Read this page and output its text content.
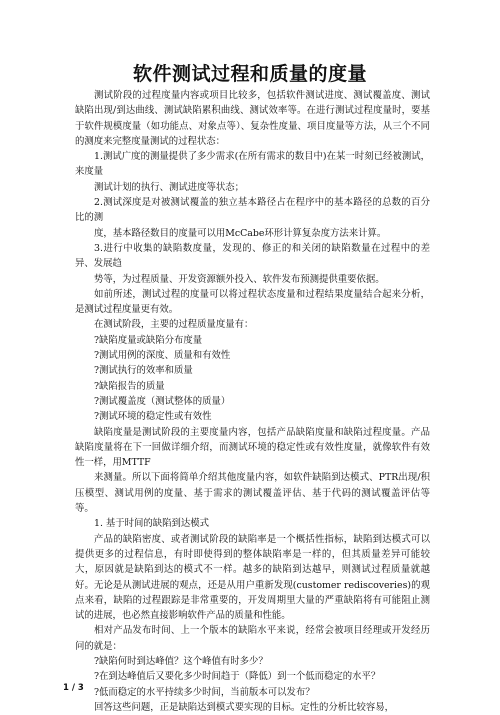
软件测试过程和质量的度量

测试阶段的过程度量内容或项目比较多，包括软件测试进度、测试覆盖度、测试缺陷出现/到达曲线、测试缺陷累积曲线、测试效率等。在进行测试过程度量时，要基于软件规模度量（如功能点、对象点等）、复杂性度量、项目度量等方法，从三个不同的测度来完整度量测试的过程状态：

1.测试广度的测量提供了多少需求(在所有需求的数目中)在某一时刻已经被测试，来度量

测试计划的执行、测试进度等状态；

2.测试深度是对被测试覆盖的独立基本路径占在程序中的基本路径的总数的百分比的测

度，基本路径数目的度量可以用McCabe环形计算复杂度方法来计算。

3.进行中收集的缺陷数度量，发现的、修正的和关闭的缺陷数量在过程中的差异、发展趋

势等，为过程质量、开发资源额外投入、软件发布预测提供重要依据。

如前所述，测试过程的度量可以将过程状态度量和过程结果度量结合起来分析，是测试过程度量更有效。

在测试阶段，主要的过程质量度量有：

?缺陷度量或缺陷分布度量

?测试用例的深度、质量和有效性

?测试执行的效率和质量

?缺陷报告的质量

?测试覆盖度（测试整体的质量）

?测试环境的稳定性或有效性

缺陷度量是测试阶段的主要度量内容，包括产品缺陷度量和缺陷过程度量。产品缺陷度量将在下一回做详细介绍，而测试环境的稳定性或有效性度量，就像软件有效性一样，用MTTF

来测量。所以下面将简单介绍其他度量内容，如软件缺陷到达模式、PTR出现/积压模型、测试用例的度量、基于需求的测试覆盖评估、基于代码的测试覆盖评估等等。

1. 基于时间的缺陷到达模式

产品的缺陷密度、或者测试阶段的缺陷率是一个概括性指标，缺陷到达模式可以提供更多的过程信息，有时即使得到的整体缺陷率是一样的，但其质量差异可能较大，原因就是缺陷到达的模式不一样。越多的缺陷到达越早，则测试过程质量就越好。无论是从测试进展的观点，还是从用户重新发现(customer rediscoveries)的观点来看，缺陷的过程跟踪是非常重要的，开发周期里大量的严重缺陷将有可能阻止测试的进展，也必然直接影响软件产品的质量和性能。

相对产品发布时间、上一个版本的缺陷水平来说，经常会被项目经理或开发经历问的就是：

?缺陷何时到达峰值？这个峰值有时多少？

?在到达峰值后又要化多少时间趋于（降低）到一个低而稳定的水平？

?低而稳定的水平持续多少时间，当前版本可以发布？

回答这些问题，正是缺陷达到模式要实现的目标。定性的分析比较容易，

1 / 3
